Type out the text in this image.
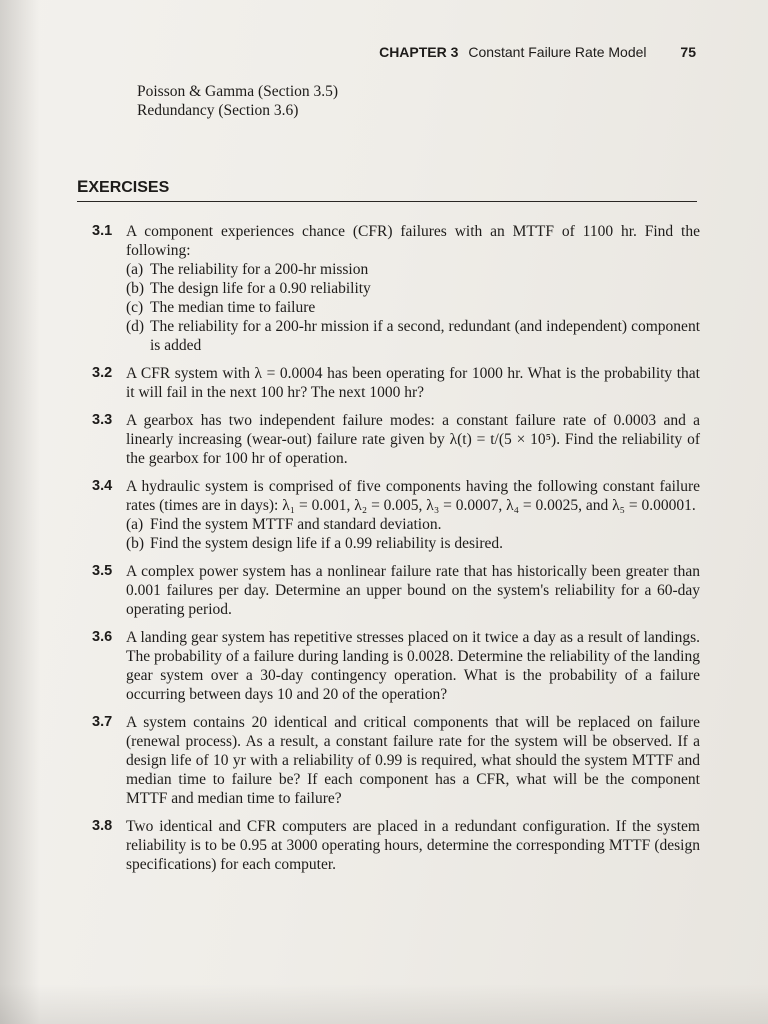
CHAPTER 3 Constant Failure Rate Model 75
Poisson & Gamma (Section 3.5)
Redundancy (Section 3.6)
EXERCISES
3.1 A component experiences chance (CFR) failures with an MTTF of 1100 hr. Find the following:
(a) The reliability for a 200-hr mission
(b) The design life for a 0.90 reliability
(c) The median time to failure
(d) The reliability for a 200-hr mission if a second, redundant (and independent) component is added
3.2 A CFR system with λ = 0.0004 has been operating for 1000 hr. What is the probability that it will fail in the next 100 hr? The next 1000 hr?
3.3 A gearbox has two independent failure modes: a constant failure rate of 0.0003 and a linearly increasing (wear-out) failure rate given by λ(t) = t/(5 × 10⁵). Find the reliability of the gearbox for 100 hr of operation.
3.4 A hydraulic system is comprised of five components having the following constant failure rates (times are in days): λ₁ = 0.001, λ₂ = 0.005, λ₃ = 0.0007, λ₄ = 0.0025, and λ₅ = 0.00001.
(a) Find the system MTTF and standard deviation.
(b) Find the system design life if a 0.99 reliability is desired.
3.5 A complex power system has a nonlinear failure rate that has historically been greater than 0.001 failures per day. Determine an upper bound on the system's reliability for a 60-day operating period.
3.6 A landing gear system has repetitive stresses placed on it twice a day as a result of landings. The probability of a failure during landing is 0.0028. Determine the reliability of the landing gear system over a 30-day contingency operation. What is the probability of a failure occurring between days 10 and 20 of the operation?
3.7 A system contains 20 identical and critical components that will be replaced on failure (renewal process). As a result, a constant failure rate for the system will be observed. If a design life of 10 yr with a reliability of 0.99 is required, what should the system MTTF and median time to failure be? If each component has a CFR, what will be the component MTTF and median time to failure?
3.8 Two identical and CFR computers are placed in a redundant configuration. If the system reliability is to be 0.95 at 3000 operating hours, determine the corresponding MTTF (design specifications) for each computer.
